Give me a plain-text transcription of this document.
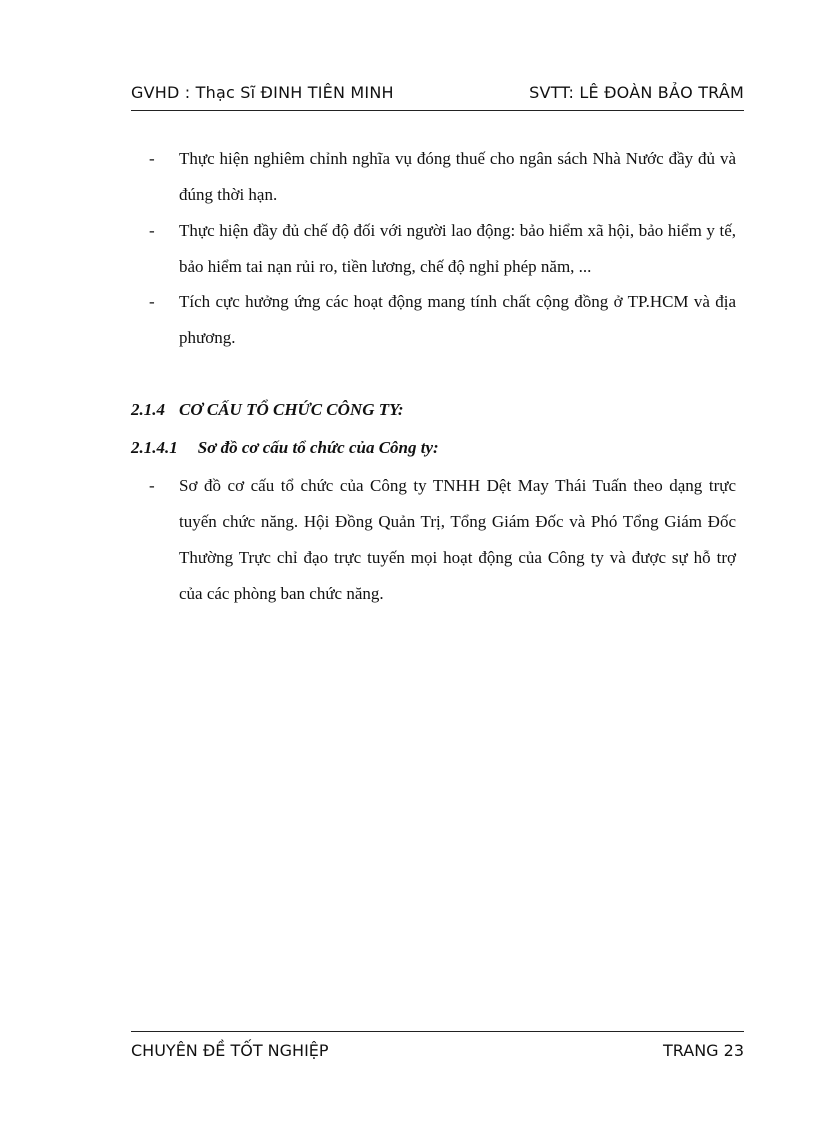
GVHD : Thạc Sĩ ĐINH TIÊN MINH	SVTT: LÊ ĐOÀN BẢO TRÂM
- Thực hiện nghiêm chỉnh nghĩa vụ đóng thuế cho ngân sách Nhà Nước đầy đủ và đúng thời hạn.
- Thực hiện đầy đủ chế độ đối với người lao động: bảo hiểm xã hội, bảo hiểm y tế, bảo hiểm tai nạn rủi ro, tiền lương, chế độ nghỉ phép năm, ...
- Tích cực hưởng ứng các hoạt động mang tính chất cộng đồng ở TP.HCM và địa phương.
2.1.4 CƠ CẤU TỔ CHỨC CÔNG TY:
2.1.4.1 Sơ đồ cơ cấu tổ chức của Công ty:
- Sơ đồ cơ cấu tổ chức của Công ty TNHH Dệt May Thái Tuấn theo dạng trực tuyến chức năng. Hội Đồng Quản Trị, Tổng Giám Đốc và Phó Tổng Giám Đốc Thường Trực chỉ đạo trực tuyến mọi hoạt động của Công ty và được sự hỗ trợ của các phòng ban chức năng.
CHUYÊN ĐỀ TỐT NGHIỆP	TRANG 23
